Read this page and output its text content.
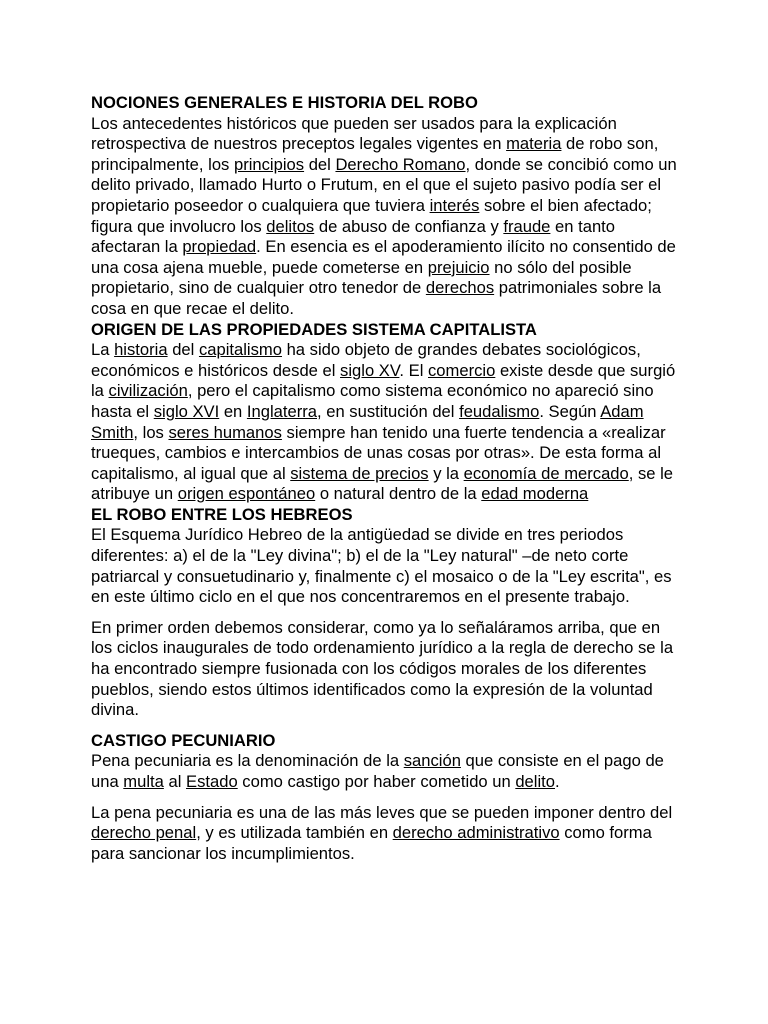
NOCIONES GENERALES E HISTORIA DEL ROBO
Los antecedentes históricos que pueden ser usados para la explicación retrospectiva de nuestros preceptos legales vigentes en materia de robo son, principalmente, los principios del Derecho Romano, donde se concibió como un delito privado, llamado Hurto o Frutum, en el que el sujeto pasivo podía ser el propietario poseedor o cualquiera que tuviera interés sobre el bien afectado; figura que involucro los delitos de abuso de confianza y fraude en tanto afectaran la propiedad. En esencia es el apoderamiento ilícito no consentido de una cosa ajena mueble, puede cometerse en prejuicio no sólo del posible propietario, sino de cualquier otro tenedor de derechos patrimoniales sobre la cosa en que recae el delito.
ORIGEN DE LAS PROPIEDADES SISTEMA CAPITALISTA
La historia del capitalismo ha sido objeto de grandes debates sociológicos, económicos e históricos desde el siglo XV. El comercio existe desde que surgió la civilización, pero el capitalismo como sistema económico no apareció sino hasta el siglo XVI en Inglaterra, en sustitución del feudalismo. Según Adam Smith, los seres humanos siempre han tenido una fuerte tendencia a «realizar trueques, cambios e intercambios de unas cosas por otras». De esta forma al capitalismo, al igual que al sistema de precios y la economía de mercado, se le atribuye un origen espontáneo o natural dentro de la edad moderna
EL ROBO ENTRE LOS HEBREOS
El Esquema Jurídico Hebreo de la antigüedad se divide en tres periodos diferentes: a) el de la "Ley divina"; b) el de la "Ley natural" –de neto corte patriarcal y consuetudinario y, finalmente c) el mosaico o de la "Ley escrita", es en este último ciclo en el que nos concentraremos en el presente trabajo.
En primer orden debemos considerar, como ya lo señaláramos arriba, que en los ciclos inaugurales de todo ordenamiento jurídico a la regla de derecho se la ha encontrado siempre fusionada con los códigos morales de los diferentes pueblos, siendo estos últimos identificados como la expresión de la voluntad divina.
CASTIGO PECUNIARIO
Pena pecuniaria es la denominación de la sanción que consiste en el pago de una multa al Estado como castigo por haber cometido un delito.
La pena pecuniaria es una de las más leves que se pueden imponer dentro del derecho penal, y es utilizada también en derecho administrativo como forma para sancionar los incumplimientos.
